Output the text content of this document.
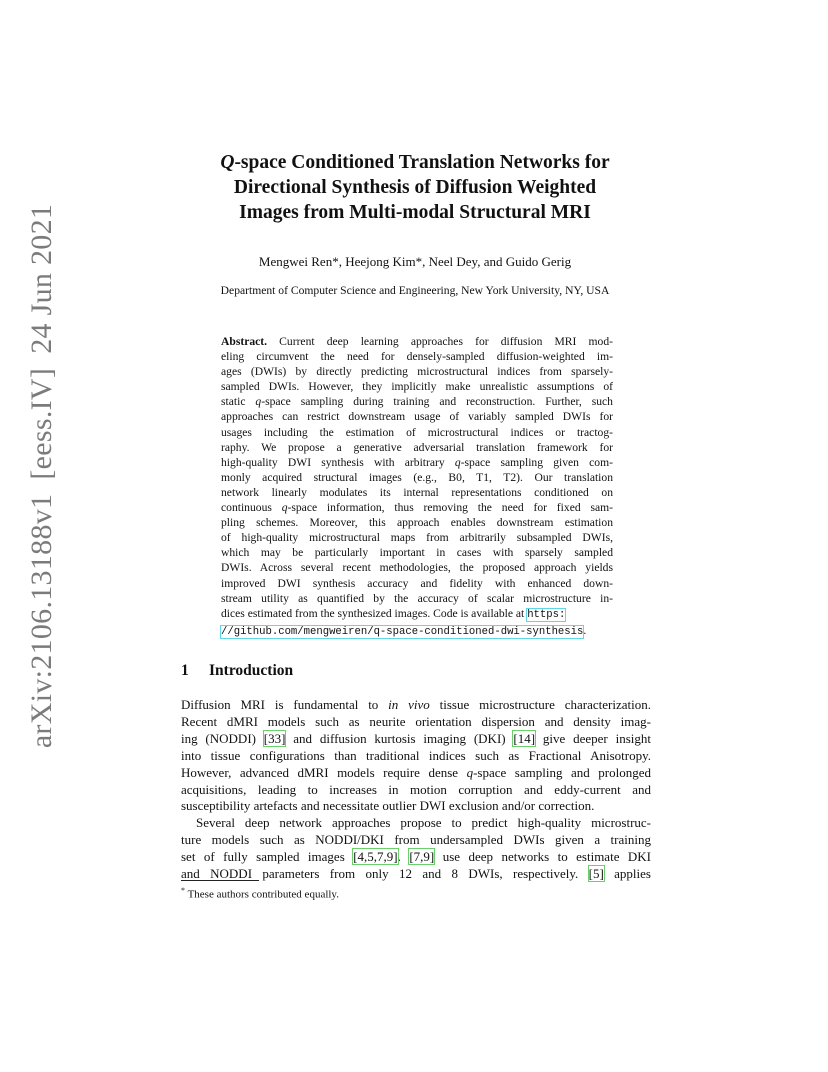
arXiv:2106.13188v1[eess.IV]24 Jun 2021
Q-space Conditioned Translation Networks for
Directional Synthesis of Diffusion Weighted
Images from Multi-modal Structural MRI
Mengwei Ren*, Heejong Kim*, Neel Dey, and Guido Gerig
Department of Computer Science and Engineering, New York University, NY, USA
Abstract. Current deep learning approaches for diffusion MRI mod-
eling circumvent the need for densely-sampled diffusion-weighted im-
ages (DWIs) by directly predicting microstructural indices from sparsely-
sampled DWIs. However, they implicitly make unrealistic assumptions of
static q-space sampling during training and reconstruction. Further, such
approaches can restrict downstream usage of variably sampled DWIs for
usages including the estimation of microstructural indices or tractog-
raphy. We propose a generative adversarial translation framework for
high-quality DWI synthesis with arbitrary q-space sampling given com-
monly acquired structural images (e.g., B0, T1, T2). Our translation
network linearly modulates its internal representations conditioned on
continuous q-space information, thus removing the need for fixed sam-
pling schemes. Moreover, this approach enables downstream estimation
of high-quality microstructural maps from arbitrarily subsampled DWIs,
which may be particularly important in cases with sparsely sampled
DWIs. Across several recent methodologies, the proposed approach yields
improved DWI synthesis accuracy and fidelity with enhanced down-
stream utility as quantified by the accuracy of scalar microstructure in-
dices estimated from the synthesized images. Code is available at https:
//github.com/mengweiren/q-space-conditioned-dwi-synthesis.
1 Introduction
Diffusion MRI is fundamental to in vivo tissue microstructure characterization.
Recent dMRI models such as neurite orientation dispersion and density imag-
ing (NODDI) [33] and diffusion kurtosis imaging (DKI) [14] give deeper insight
into tissue configurations than traditional indices such as Fractional Anisotropy.
However, advanced dMRI models require dense q-space sampling and prolonged
acquisitions, leading to increases in motion corruption and eddy-current and
susceptibility artefacts and necessitate outlier DWI exclusion and/or correction.
Several deep network approaches propose to predict high-quality microstruc-
ture models such as NODDI/DKI from undersampled DWIs given a training
set of fully sampled images [4,5,7,9]. [7,9] use deep networks to estimate DKI
and NODDI parameters from only 12 and 8 DWIs, respectively. [5] applies
* These authors contributed equally.
